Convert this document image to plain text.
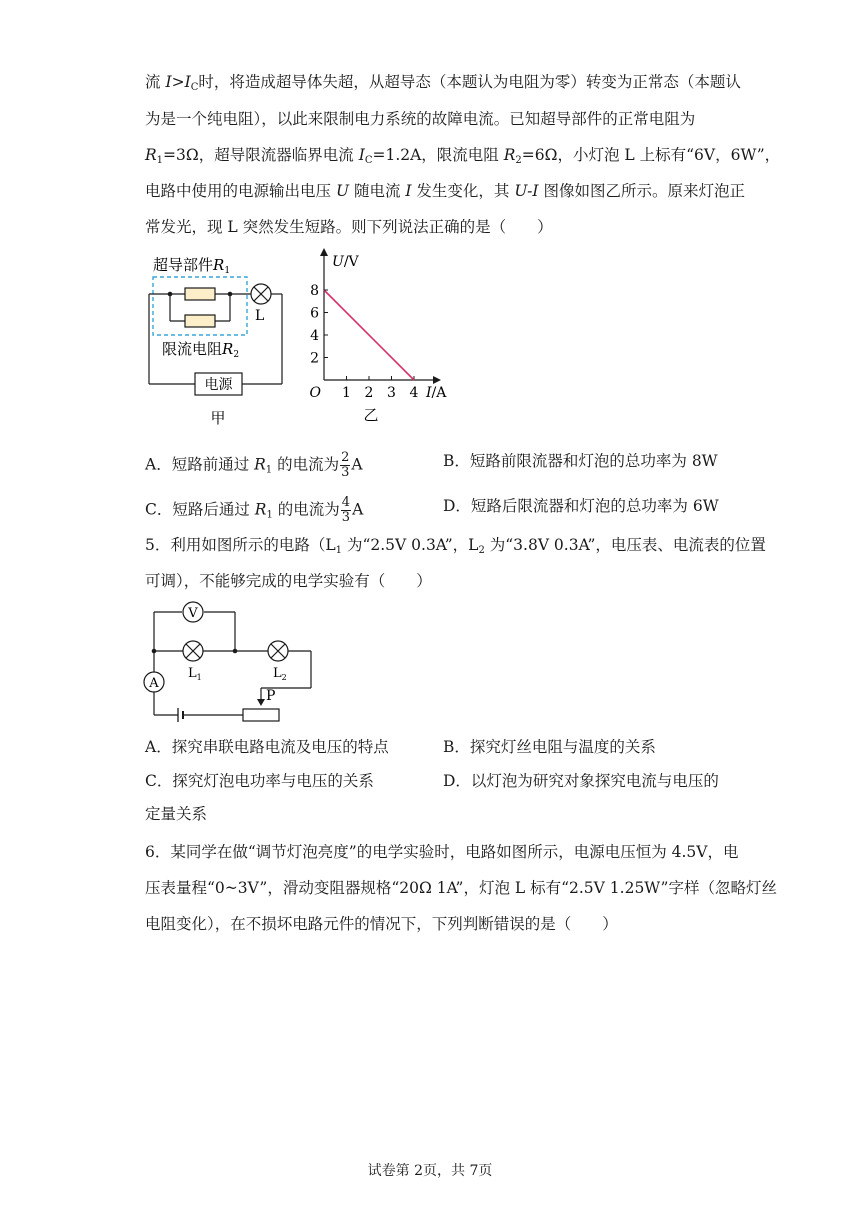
流 $I>I_C$时，将造成超导体失超，从超导态（本题认为电阻为零）转变为正常态（本题认
为是一个纯电阻），以此来限制电力系统的故障电流。已知超导部件的正常电阻为
$R_1=3\Omega$，超导限流器临界电流 $I_C=1.2A$，限流电阻 $R_2=6\Omega$，小灯泡 L 上标有“6V，6W”，
电路中使用的电源输出电压 U 随电流 I 发生变化，其 U-I 图像如图乙所示。原来灯泡正
常发光，现 L 突然发生短路。则下列说法正确的是（　　）
L
超导部件$R_1$
限流电阻$R_2$
电源
甲
1 2 3 4
2
4
6
8
O	I/A
U/V
乙
A．短路前通过 $R_1$ 的电流为 $\frac{2}{3}$ A	B．短路前限流器和灯泡的总功率为 8W
C．短路后通过 $R_1$ 的电流为 $\frac{4}{3}$ A	D．短路后限流器和灯泡的总功率为 6W
5．利用如图所示的电路（$L_1$ 为“2.5V 0.3A”，$L_2$ 为“3.8V 0.3A”，电压表、电流表的位置
可调），不能够完成的电学实验有（　　）
V
A
$L_1$	$L_2$
P
A．探究串联电路电流及电压的特点	B．探究灯丝电阻与温度的关系
C．探究灯泡电功率与电压的关系	D．以灯泡为研究对象探究电流与电压的
定量关系
6．某同学在做“调节灯泡亮度”的电学实验时，电路如图所示，电源电压恒为 4.5V，电
压表量程“0~3V”，滑动变阻器规格“20Ω 1A”，灯泡 L 标有“2.5V 1.25W”字样（忽略灯丝
电阻变化），在不损坏电路元件的情况下，下列判断错误的是（　　）
试卷第 2页，共 7页
